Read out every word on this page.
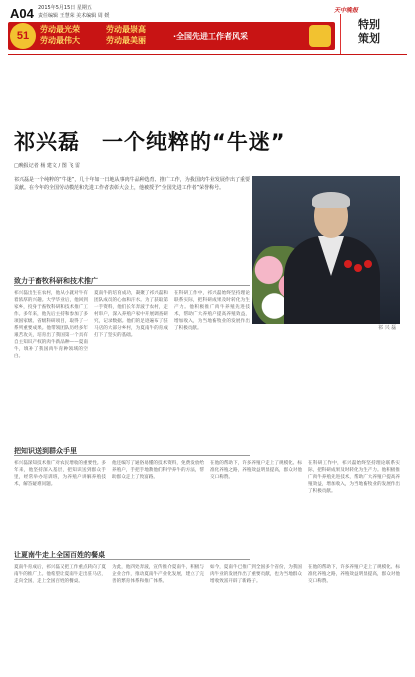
A04 2015年5月15日 星期五
责任编辑 王慧荣 美术编辑 周 媛
天中晚报
特别
策划
51
劳动最光荣
劳动最伟大
劳动最崇高
劳动最美丽	·全国先进工作者风采
祁兴磊　一个纯粹的“牛迷”
□晚报记者 杨 建文 / 图 飞 雷
祁兴磊是一个纯粹的“牛迷”，几十年如一日地从事肉牛品种选育、推广工作，为我国肉牛业发展作出了重要贡献。在今年的全国劳动模范和先进工作者表彰大会上，他被授予“全国先进工作者”荣誉称号。
祁 兴 磊
致力于畜牧科研和技术推广
祁兴磊出生在农村，他从小就对牛有着浓厚的兴趣。大学毕业后，他回到家乡，投身于畜牧科研和技术推广工作。多年来，他先后主持和参加了多项国家级、省级科研项目，取得了一系列重要成果。他带领团队历经多年艰苦攻关，培育出了我国第一个具有自主知识产权的肉牛新品种——夏南牛，填补了我国肉牛育种领域的空白。
夏南牛的培育成功，凝聚了祁兴磊和团队成员的心血和汗水。为了获取第一手资料，他们长年奔波于农村，走村串户，深入养殖户家中开展调查研究，记录数据。他们的足迹遍布了驻马店的大部分乡村，为夏南牛的育成打下了坚实的基础。
在科研工作中，祁兴磊始终坚持理论联系实际，把科研成果及时转化为生产力。他积极推广肉牛养殖先进技术，帮助广大养殖户提高养殖效益，增加收入，为当地畜牧业的发展作出了积极贡献。
把知识送到群众手里
祁兴磊深知技术推广对农民增收的重要性。多年来，他坚持深入基层，把知识送到群众手里，经常举办培训班，为养殖户讲解养殖技术，解答疑难问题。
他还编写了通俗易懂的技术资料，免费发放给养殖户，手把手地教他们科学养牛的方法，帮助群众走上了致富路。
在他的帮助下，许多养殖户走上了规模化、标准化养殖之路，养殖效益明显提高，群众对他交口称赞。
在科研工作中，祁兴磊始终坚持理论联系实际，把科研成果及时转化为生产力。他积极推广肉牛养殖先进技术，帮助广大养殖户提高养殖效益，增加收入，为当地畜牧业的发展作出了积极贡献。
让夏南牛走上全国百姓的餐桌
夏南牛育成后，祁兴磊又把工作重点转向了夏南牛的推广上。他希望让夏南牛走出驻马店，走向全国，走上全国百姓的餐桌。
为此，他四处奔波，宣传推介夏南牛，积极与企业合作，推动夏南牛产业化发展，建立了完善的繁育体系和推广体系。
如今，夏南牛已推广到全国多个省份，为我国肉牛业的发展作出了重要贡献，也为当地群众增收致富开辟了新路子。
在他的帮助下，许多养殖户走上了规模化、标准化养殖之路，养殖效益明显提高，群众对他交口称赞。
